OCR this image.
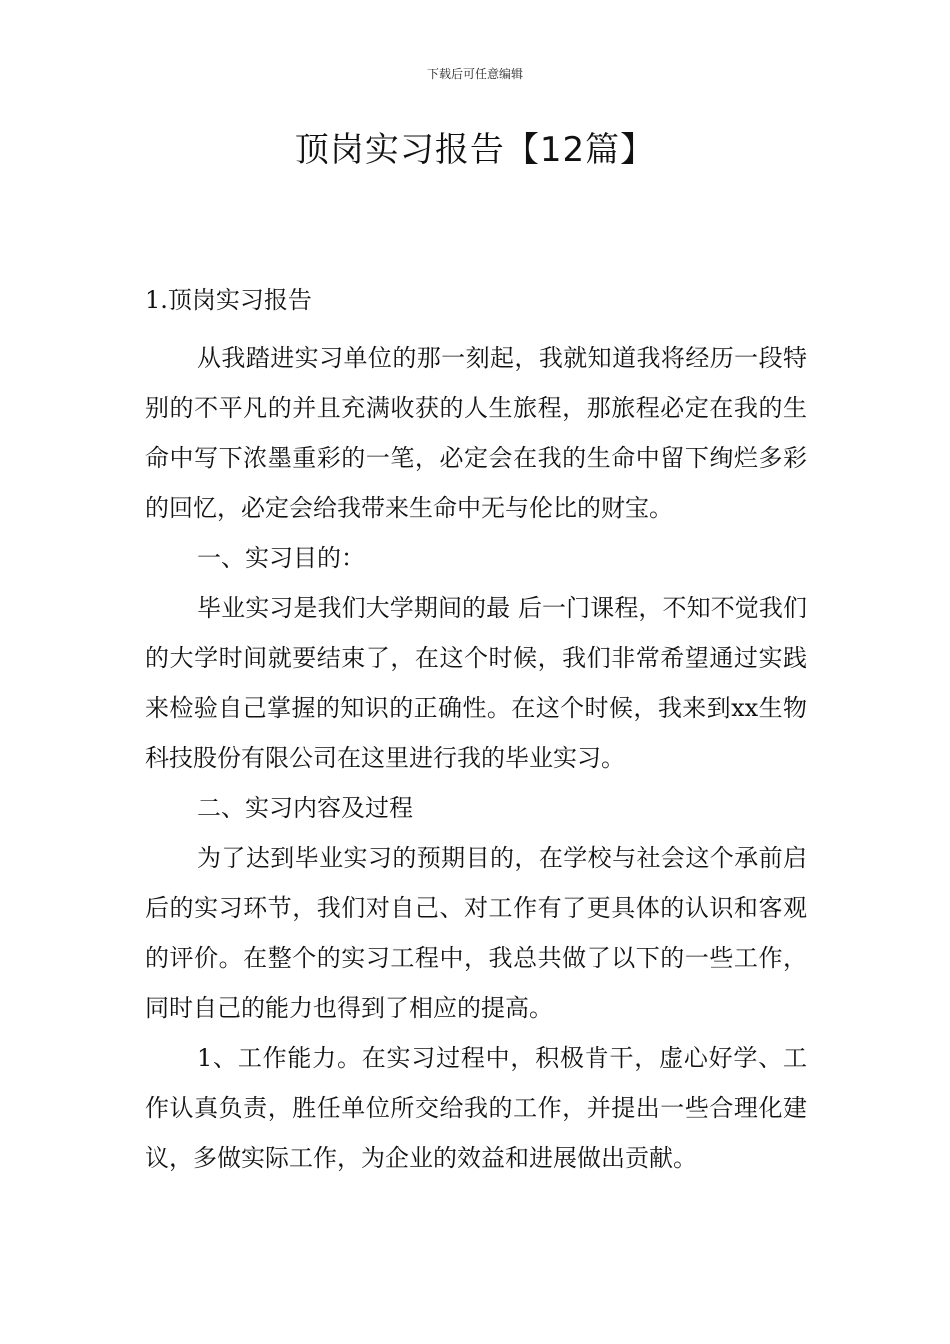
下载后可任意编辑
顶岗实习报告【12篇】
1.顶岗实习报告

从我踏进实习单位的那一刻起，我就知道我将经历一段特别的不平凡的并且充满收获的人生旅程，那旅程必定在我的生命中写下浓墨重彩的一笔，必定会在我的生命中留下绚烂多彩的回忆，必定会给我带来生命中无与伦比的财宝。

一、实习目的：

毕业实习是我们大学期间的最 后一门课程，不知不觉我们的大学时间就要结束了，在这个时候，我们非常希望通过实践来检验自己掌握的知识的正确性。在这个时候，我来到xx生物科技股份有限公司在这里进行我的毕业实习。

二、实习内容及过程

为了达到毕业实习的预期目的，在学校与社会这个承前启后的实习环节，我们对自己、对工作有了更具体的认识和客观的评价。在整个的实习工程中，我总共做了以下的一些工作，同时自己的能力也得到了相应的提高。

1、工作能力。在实习过程中，积极肯干，虚心好学、工作认真负责，胜任单位所交给我的工作，并提出一些合理化建议，多做实际工作，为企业的效益和进展做出贡献。
